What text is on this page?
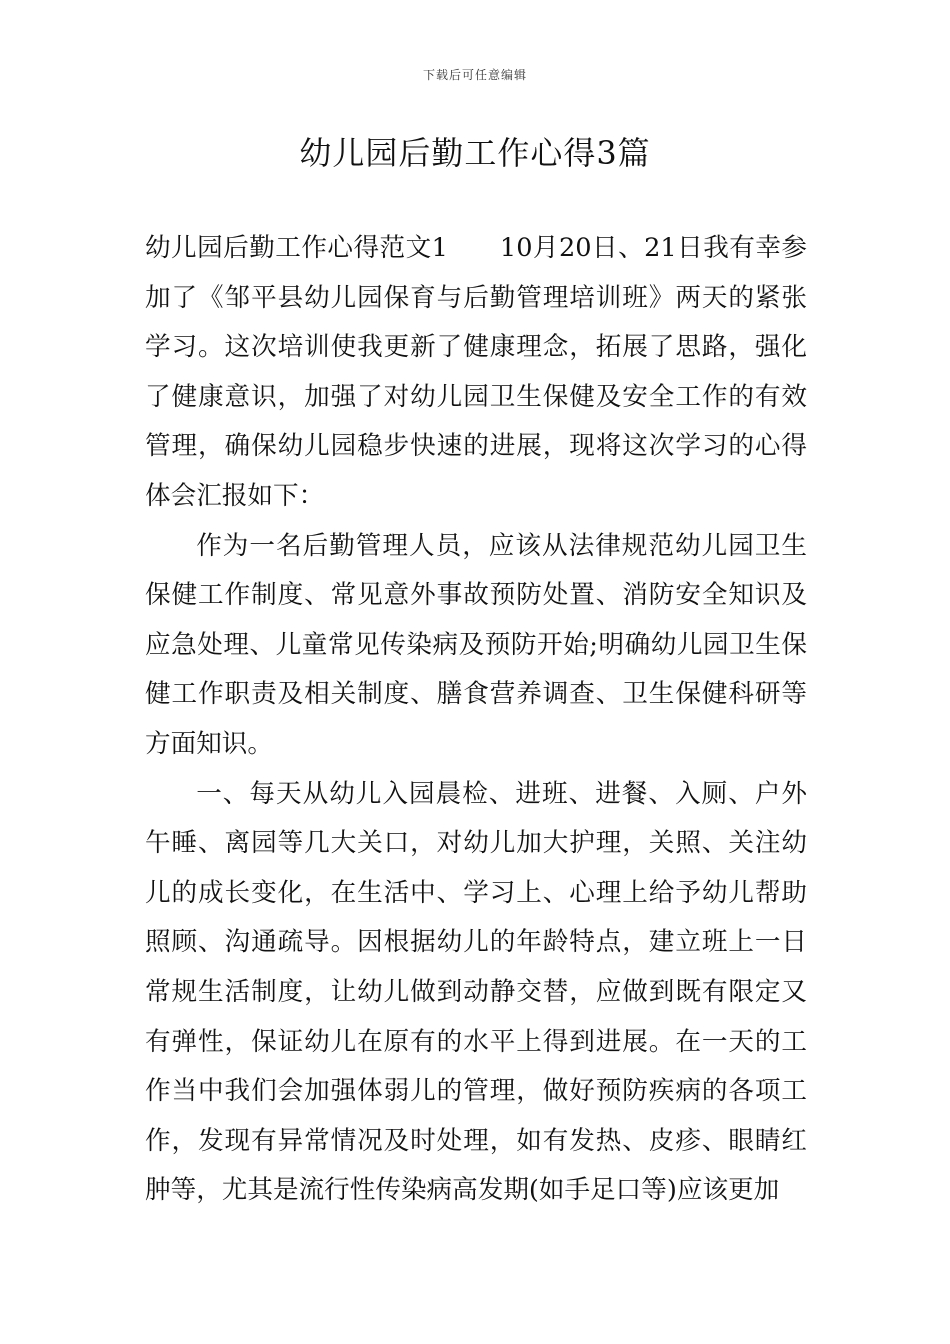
下载后可任意编辑
幼儿园后勤工作心得3篇

幼儿园后勤工作心得范文1 10月20日、21日我有幸参加了《邹平县幼儿园保育与后勤管理培训班》两天的紧张学习。这次培训使我更新了健康理念，拓展了思路，强化了健康意识，加强了对幼儿园卫生保健及安全工作的有效管理，确保幼儿园稳步快速的进展，现将这次学习的心得体会汇报如下：

作为一名后勤管理人员，应该从法律规范幼儿园卫生保健工作制度、常见意外事故预防处置、消防安全知识及应急处理、儿童常见传染病及预防开始;明确幼儿园卫生保健工作职责及相关制度、膳食营养调查、卫生保健科研等方面知识。

一、每天从幼儿入园晨检、进班、进餐、入厕、户外午睡、离园等几大关口，对幼儿加大护理，关照、关注幼儿的成长变化，在生活中、学习上、心理上给予幼儿帮助照顾、沟通疏导。因根据幼儿的年龄特点，建立班上一日常规生活制度，让幼儿做到动静交替，应做到既有限定又有弹性，保证幼儿在原有的水平上得到进展。在一天的工作当中我们会加强体弱儿的管理，做好预防疾病的各项工作，发现有异常情况及时处理，如有发热、皮疹、眼睛红肿等，尤其是流行性传染病高发期(如手足口等)应该更加
